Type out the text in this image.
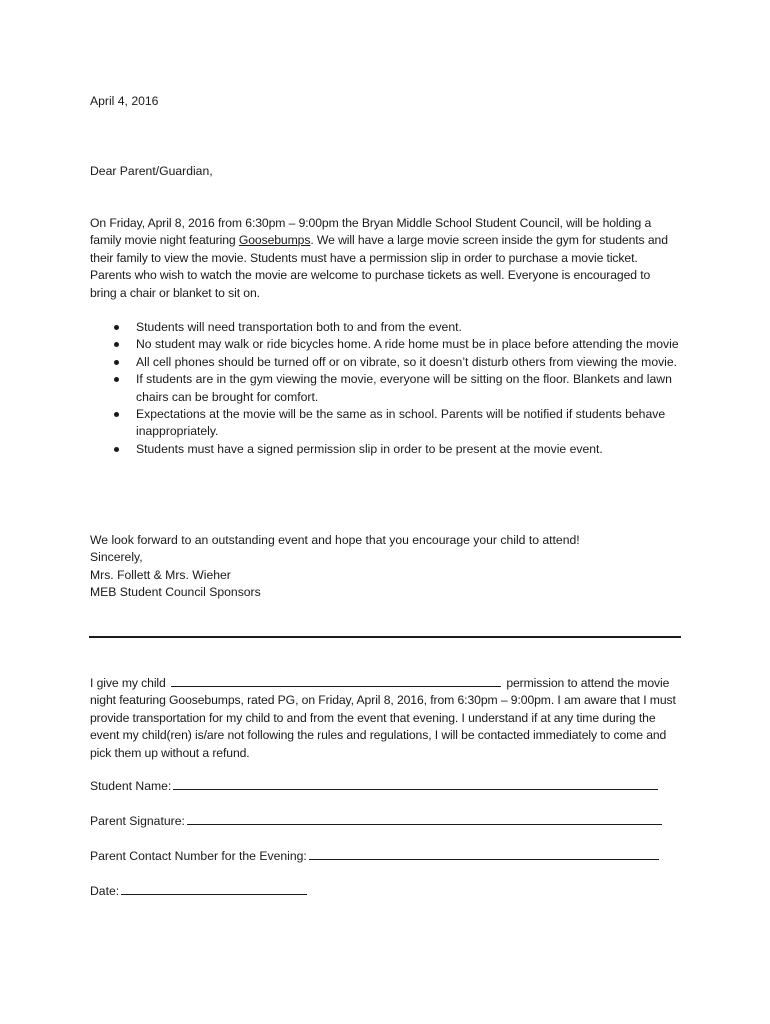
April 4, 2016
Dear Parent/Guardian,
On Friday, April 8, 2016 from 6:30pm – 9:00pm the Bryan Middle School Student Council, will be holding a family movie night featuring Goosebumps. We will have a large movie screen inside the gym for students and their family to view the movie. Students must have a permission slip in order to purchase a movie ticket. Parents who wish to watch the movie are welcome to purchase tickets as well. Everyone is encouraged to bring a chair or blanket to sit on.
Students will need transportation both to and from the event.
No student may walk or ride bicycles home. A ride home must be in place before attending the movie
All cell phones should be turned off or on vibrate, so it doesn’t disturb others from viewing the movie.
If students are in the gym viewing the movie, everyone will be sitting on the floor. Blankets and lawn chairs can be brought for comfort.
Expectations at the movie will be the same as in school. Parents will be notified if students behave inappropriately.
Students must have a signed permission slip in order to be present at the movie event.
We look forward to an outstanding event and hope that you encourage your child to attend!
Sincerely,
Mrs. Follett & Mrs. Wieher
MEB Student Council Sponsors
I give my child	permission to attend the movie night featuring Goosebumps, rated PG, on Friday, April 8, 2016, from 6:30pm – 9:00pm. I am aware that I must provide transportation for my child to and from the event that evening. I understand if at any time during the event my child(ren) is/are not following the rules and regulations, I will be contacted immediately to come and pick them up without a refund.
Student Name:
Parent Signature:
Parent Contact Number for the Evening:
Date:
